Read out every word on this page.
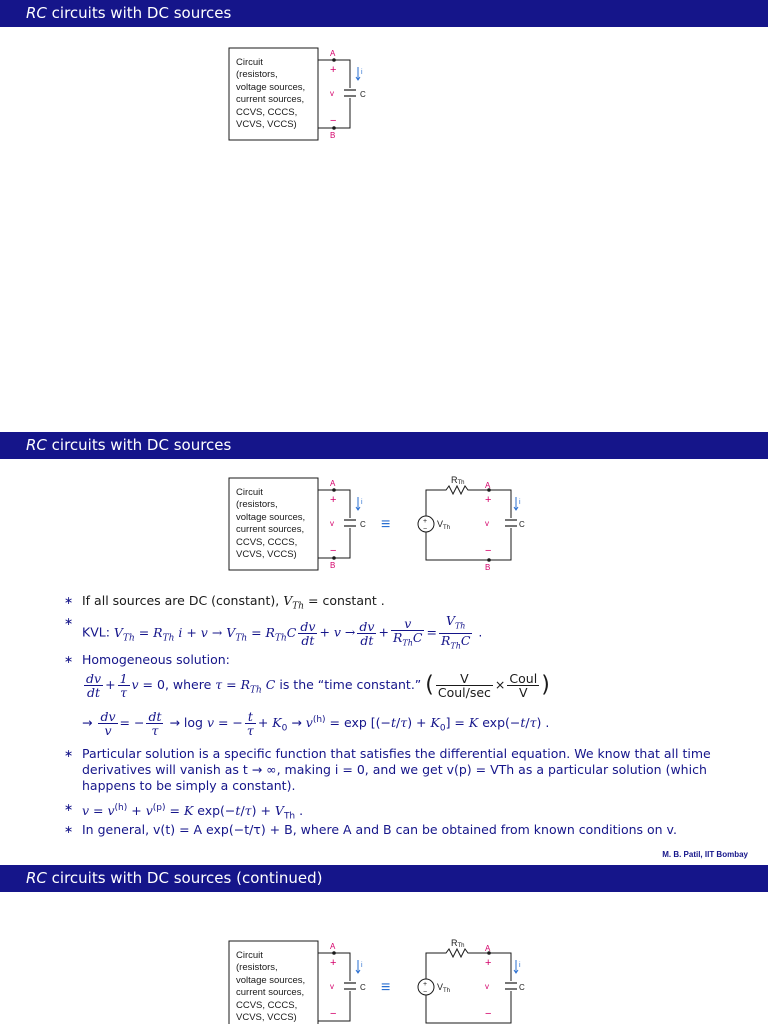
RC circuits with DC sources
Circuit
(resistors,
voltage sources,
current sources,
CCVS, CCCS,
VCVS, VCCS)
A
B
+
v
−
i
C
RC circuits with DC sources
Circuit
(resistors,
voltage sources,
current sources,
CCVS, CCCS,
VCVS, VCCS)
A
B
+
v
−
i
C ≡	+
−
$V_{Th}$
RTh	A
B
+
v
−
i
C
∗ If all sources are DC (constant), $V_{Th}$ = constant .
∗
KVL: $V_{Th} = R_{Th}$ $i + v \to V_{Th} = R_{Th}C \frac{dv}{dt} + v \to \frac{dv}{dt} + \frac{v}{R_{Th}C} = \frac{V_{Th}}{R_{Th}C}$ .
∗ Homogeneous solution:
$\frac{dv}{dt} + \frac{1}{\tau}$ v = 0, where $\tau = R_{Th}$ C is the “time constant.” ( $\frac{V}{\text{Coul/sec}} \times \frac{\text{Coul}}{V}$ )
→ $\frac{dv}{v}$ = − $\frac{dt}{\tau} \to \log v$ = − $\frac{t}{\tau} + K_0 \to v^{(h)} = \exp [(-t/\tau) + K_0] = K$ exp(−t/τ) .
∗ Particular solution is a specific function that satisfies the differential equation. We know that all time derivatives will vanish as t → ∞, making i = 0, and we get v(p) = VTh as a particular solution (which happens to be simply a constant).
∗ $v = v^{(h)} + v^{(p)} = K$ $\exp(-t/\tau) + V_{Th}$ .
∗ In general, v(t) = A exp(−t/τ) + B, where A and B can be obtained from known conditions on v.
M. B. Patil, IIT Bombay
RC circuits with DC sources (continued)
Circuit
(resistors,
voltage sources,
current sources,
CCVS, CCCS,
VCVS, VCCS)
A
+
v
−
i
C ≡	+
−
$V_{Th}$
RTh	A
+
v
−
i
C
